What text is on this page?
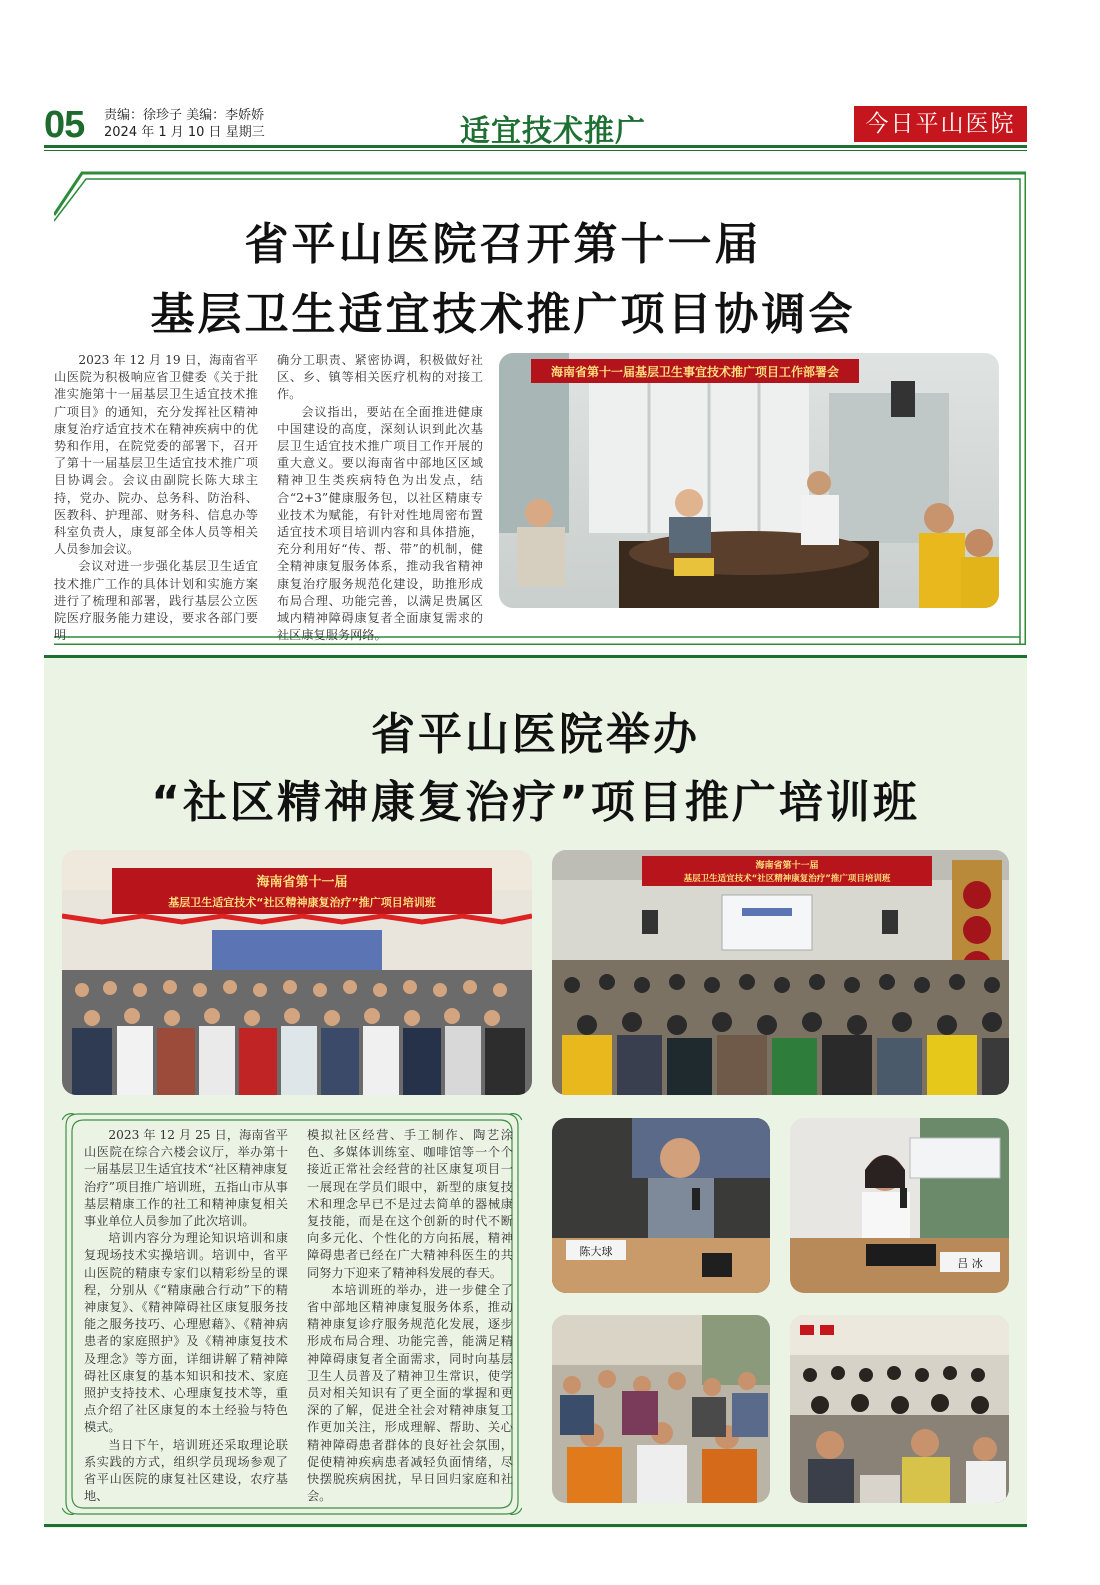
05 责编：徐珍子 美编：李娇娇
2024 年 1 月 10 日 星期三	适宜技术推广	今日平山医院
省平山医院召开第十一届
基层卫生适宜技术推广项目协调会

2023 年 12 月 19 日，海南省平山医院为积极响应省卫健委《关于批准实施第十一届基层卫生适宜技术推广项目》的通知，充分发挥社区精神康复治疗适宜技术在精神疾病中的优势和作用，在院党委的部署下，召开了第十一届基层卫生适宜技术推广项目协调会。会议由副院长陈大球主持，党办、院办、总务科、防治科、医教科、护理部、财务科、信息办等科室负责人，康复部全体人员等相关人员参加会议。

会议对进一步强化基层卫生适宜技术推广工作的具体计划和实施方案进行了梳理和部署，践行基层公立医院医疗服务能力建设，要求各部门要明

确分工职责、紧密协调，积极做好社区、乡、镇等相关医疗机构的对接工作。

会议指出，要站在全面推进健康中国建设的高度，深刻认识到此次基层卫生适宜技术推广项目工作开展的重大意义。要以海南省中部地区区域精神卫生类疾病特色为出发点，结合“2+3”健康服务包，以社区精康专业技术为赋能，有针对性地周密布置适宜技术项目培训内容和具体措施，充分利用好“传、帮、带”的机制，健全精神康复服务体系，推动我省精神康复治疗服务规范化建设，助推形成布局合理、功能完善，以满足贵属区域内精神障碍康复者全面康复需求的社区康复服务网络。

海南省第十一届基层卫生事宜技术推广项目工作部署会
省平山医院举办
“社区精神康复治疗”项目推广培训班
海南省第十一届
基层卫生适宜技术“社区精神康复治疗”推广项目培训班
海南省第十一届
基层卫生适宜技术“社区精神康复治疗”推广项目培训班

2023 年 12 月 25 日，海南省平山医院在综合六楼会议厅，举办第十一届基层卫生适宜技术“社区精神康复治疗”项目推广培训班，五指山市从事基层精康工作的社工和精神康复相关事业单位人员参加了此次培训。

培训内容分为理论知识培训和康复现场技术实操培训。培训中，省平山医院的精康专家们以精彩纷呈的课程，分别从《“精康融合行动”下的精神康复》、《精神障碍社区康复服务技能之服务技巧、心理慰藉》、《精神病患者的家庭照护》及《精神康复技术及理念》等方面，详细讲解了精神障碍社区康复的基本知识和技术、家庭照护支持技术、心理康复技术等，重点介绍了社区康复的本土经验与特色模式。

当日下午，培训班还采取理论联系实践的方式，组织学员现场参观了省平山医院的康复社区建设，农疗基地、

模拟社区经营、手工制作、陶艺涂色、多媒体训练室、咖啡馆等一个个接近正常社会经营的社区康复项目一一展现在学员们眼中，新型的康复技术和理念早已不是过去简单的器械康复技能，而是在这个创新的时代不断向多元化、个性化的方向拓展，精神障碍患者已经在广大精神科医生的共同努力下迎来了精神科发展的春天。

本培训班的举办，进一步健全了省中部地区精神康复服务体系，推动精神康复诊疗服务规范化发展，逐步形成布局合理、功能完善，能满足精神障碍康复者全面需求，同时向基层卫生人员普及了精神卫生常识，使学员对相关知识有了更全面的掌握和更深的了解，促进全社会对精神康复工作更加关注，形成理解、帮助、关心精神障碍患者群体的良好社会氛围，促使精神疾病患者减轻负面情绪，尽快摆脱疾病困扰，早日回归家庭和社会。

陈大球
吕 冰
